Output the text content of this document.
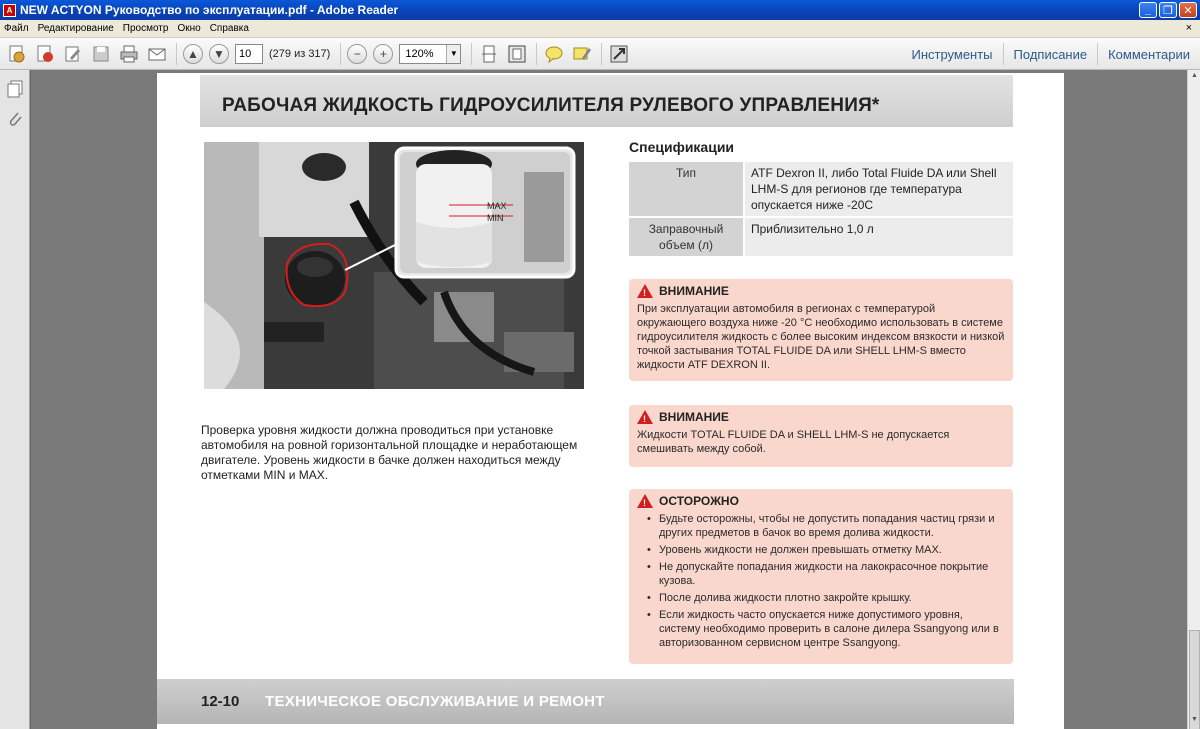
A NEW ACTYON Руководство по эксплуатации.pdf - Adobe Reader	_	❐ ✕
Файл Редактирование Просмотр Окно Справка	×
▲	▼
10	(279 из 317)	−	+	120%	▼	Инструменты	Подписание	Комментарии
РАБОЧАЯ ЖИДКОСТЬ ГИДРОУСИЛИТЕЛЯ РУЛЕВОГО УПРАВЛЕНИЯ*
MAX
MIN
Проверка уровня жидкости должна проводиться при установке автомобиля на ровной горизонтальной площадке и неработающем двигателе. Уровень жидкости в бачке должен находиться между отметками MIN и MAX.
Спецификации
Тип	ATF Dexron II, либо Total Fluide DA или Shell LHM-S для регионов где температура опускается ниже -20С
Заправочный объем (л)	Приблизительно 1,0 л
! ВНИМАНИЕ
При эксплуатации автомобиля в регионах с температурой окружающего воздуха ниже -20 °С необходимо использовать в системе гидроусилителя жидкость с более высоким индексом вязкости и низкой точкой застывания TOTAL FLUIDE DA или SHELL LHM-S вместо жидкости ATF DEXRON II.
! ВНИМАНИЕ
Жидкости TOTAL FLUIDE DA и SHELL LHM-S не допускается смешивать между собой.
! ОСТОРОЖНО
• Будьте осторожны, чтобы не допустить попадания частиц грязи и других предметов в бачок во время долива жидкости.
• Уровень жидкости не должен превышать отметку MAX.
• Не допускайте попадания жидкости на лакокрасочное покрытие кузова.
• После долива жидкости плотно закройте крышку.
• Если жидкость часто опускается ниже допустимого уровня, систему необходимо проверить в салоне дилера Ssangyong или в авторизованном сервисном центре Ssangyong.
12-10 ТЕХНИЧЕСКОЕ ОБСЛУЖИВАНИЕ И РЕМОНТ
▲
▼
